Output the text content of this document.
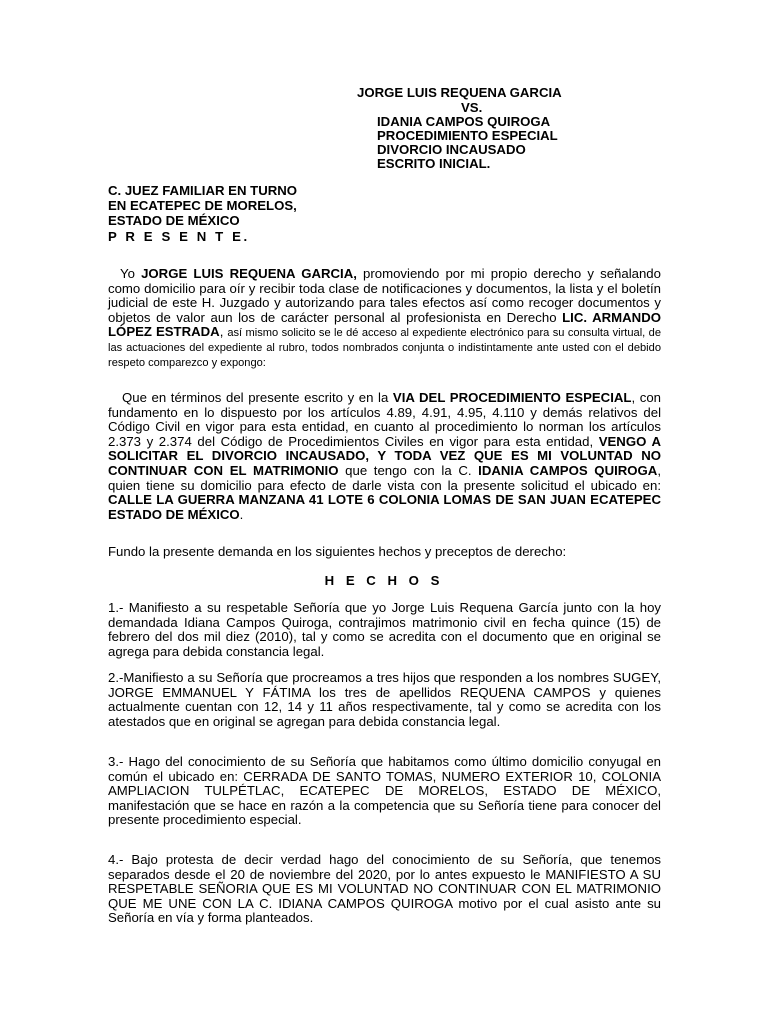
JORGE LUIS REQUENA GARCIA
VS.
IDANIA CAMPOS QUIROGA
PROCEDIMIENTO ESPECIAL
DIVORCIO INCAUSADO
ESCRITO INICIAL.
C. JUEZ FAMILIAR EN TURNO
EN ECATEPEC DE MORELOS,
ESTADO DE MÉXICO
P R E S E N T E.
Yo JORGE LUIS REQUENA GARCIA, promoviendo por mi propio derecho y señalando como domicilio para oír y recibir toda clase de notificaciones y documentos, la lista y el boletín judicial de este H. Juzgado y autorizando para tales efectos así como recoger documentos y objetos de valor aun los de carácter personal al profesionista en Derecho LIC. ARMANDO LÓPEZ ESTRADA, así mismo solicito se le dé acceso al expediente electrónico para su consulta virtual, de las actuaciones del expediente al rubro, todos nombrados conjunta o indistintamente ante usted con el debido respeto comparezco y expongo:
Que en términos del presente escrito y en la VIA DEL PROCEDIMIENTO ESPECIAL, con fundamento en lo dispuesto por los artículos 4.89, 4.91, 4.95, 4.110 y demás relativos del Código Civil en vigor para esta entidad, en cuanto al procedimiento lo norman los artículos 2.373 y 2.374 del Código de Procedimientos Civiles en vigor para esta entidad, VENGO A SOLICITAR EL DIVORCIO INCAUSADO, Y TODA VEZ QUE ES MI VOLUNTAD NO CONTINUAR CON EL MATRIMONIO que tengo con la C. IDANIA CAMPOS QUIROGA, quien tiene su domicilio para efecto de darle vista con la presente solicitud el ubicado en: CALLE LA GUERRA MANZANA 41 LOTE 6 COLONIA LOMAS DE SAN JUAN ECATEPEC ESTADO DE MÉXICO.
Fundo la presente demanda en los siguientes hechos y preceptos de derecho:
H E C H O S
1.- Manifiesto a su respetable Señoría que yo Jorge Luis Requena García junto con la hoy demandada Idiana Campos Quiroga, contrajimos matrimonio civil en fecha quince (15) de febrero del dos mil diez (2010), tal y como se acredita con el documento que en original se agrega para debida constancia legal.
2.-Manifiesto a su Señoría que procreamos a tres hijos que responden a los nombres SUGEY, JORGE EMMANUEL Y FÁTIMA los tres de apellidos REQUENA CAMPOS y quienes actualmente cuentan con 12, 14 y 11 años respectivamente, tal y como se acredita con los atestados que en original se agregan para debida constancia legal.
3.- Hago del conocimiento de su Señoría que habitamos como último domicilio conyugal en común el ubicado en: CERRADA DE SANTO TOMAS, NUMERO EXTERIOR 10, COLONIA AMPLIACION TULPÉTLAC, ECATEPEC DE MORELOS, ESTADO DE MÉXICO, manifestación que se hace en razón a la competencia que su Señoría tiene para conocer del presente procedimiento especial.
4.- Bajo protesta de decir verdad hago del conocimiento de su Señoría, que tenemos separados desde el 20 de noviembre del 2020, por lo antes expuesto le MANIFIESTO A SU RESPETABLE SEÑORIA QUE ES MI VOLUNTAD NO CONTINUAR CON EL MATRIMONIO QUE ME UNE CON LA C. IDIANA CAMPOS QUIROGA motivo por el cual asisto ante su Señoría en vía y forma planteados.
